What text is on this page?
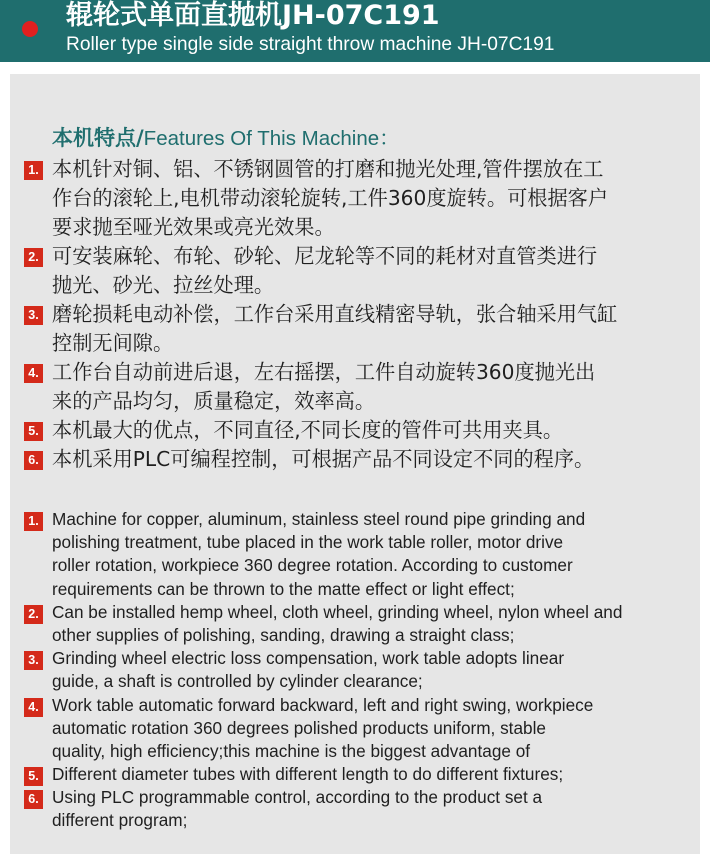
辊轮式单面直抛机JH-07C191
Roller type single side straight throw machine JH-07C191
本机特点/Features Of This Machine：
1. 本机针对铜、铝、不锈钢圆管的打磨和抛光处理,管件摆放在工
作台的滚轮上,电机带动滚轮旋转,工件360度旋转。可根据客户
要求抛至哑光效果或亮光效果。
2. 可安装麻轮、布轮、砂轮、尼龙轮等不同的耗材对直管类进行
抛光、砂光、拉丝处理。
3. 磨轮损耗电动补偿，工作台采用直线精密导轨，张合轴采用气缸
控制无间隙。
4. 工作台自动前进后退，左右摇摆，工件自动旋转360度抛光出
来的产品均匀，质量稳定，效率高。
5. 本机最大的优点，不同直径,不同长度的管件可共用夹具。
6. 本机采用PLC可编程控制，可根据产品不同设定不同的程序。
1. Machine for copper, aluminum, stainless steel round pipe grinding and
polishing treatment, tube placed in the work table roller, motor drive
roller rotation, workpiece 360 degree rotation. According to customer
requirements can be thrown to the matte effect or light effect;
2. Can be installed hemp wheel, cloth wheel, grinding wheel, nylon wheel and
other supplies of polishing, sanding, drawing a straight class;
3. Grinding wheel electric loss compensation, work table adopts linear
guide, a shaft is controlled by cylinder clearance;
4. Work table automatic forward backward, left and right swing, workpiece
automatic rotation 360 degrees polished products uniform, stable
quality, high efficiency;this machine is the biggest advantage of
5. Different diameter tubes with different length to do different fixtures;
6. Using PLC programmable control, according to the product set a
different program;
